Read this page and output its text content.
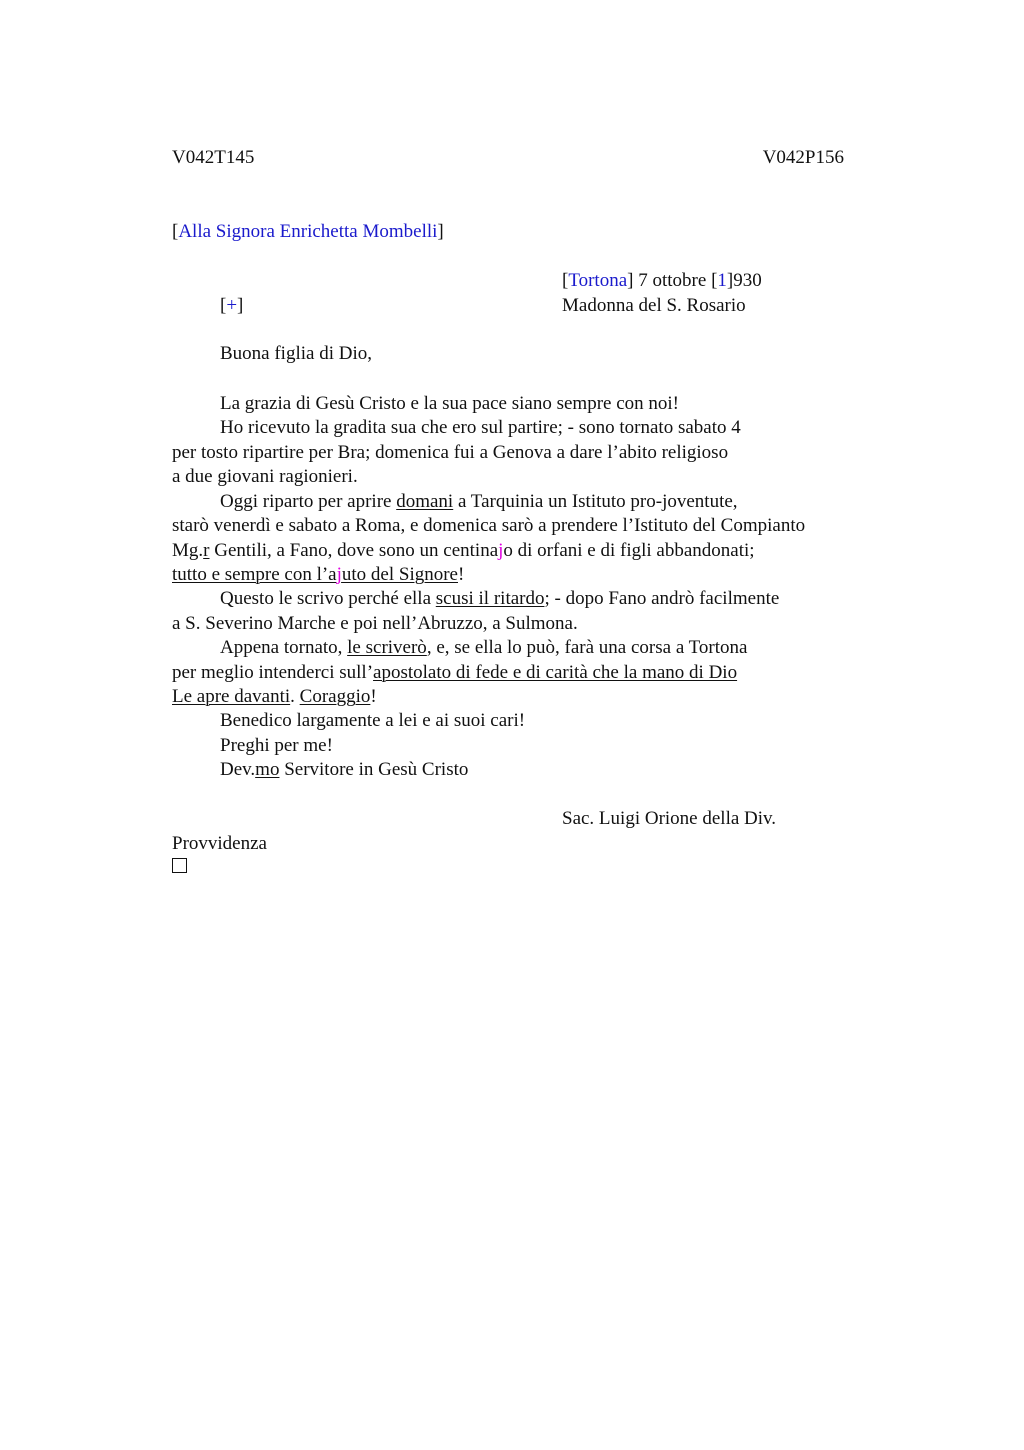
V042T145	V042P156
[Alla Signora Enrichetta Mombelli]
[Tortona] 7 ottobre [1]930
[+]	Madonna del S. Rosario
Buona figlia di Dio,
La grazia di Gesù Cristo e la sua pace siano sempre con noi!
Ho ricevuto la gradita sua che ero sul partire; - sono tornato sabato 4
per tosto ripartire per Bra; domenica fui a Genova a dare l’abito religioso
a due giovani ragionieri.
Oggi riparto per aprire domani a Tarquinia un Istituto pro-joventute,
starò venerdì e sabato a Roma, e domenica sarò a prendere l’Istituto del Compianto
Mg.r Gentili, a Fano, dove sono un centinajo di orfani e di figli abbandonati;
tutto e sempre con l’ajuto del Signore!
Questo le scrivo perché ella scusi il ritardo; - dopo Fano andrò facilmente
a S. Severino Marche e poi nell’Abruzzo, a Sulmona.
Appena tornato, le scriverò, e, se ella lo può, farà una corsa a Tortona
per meglio intenderci sull’apostolato di fede e di carità che la mano di Dio
Le apre davanti. Coraggio!
Benedico largamente a lei e ai suoi cari!
Preghi per me!
Dev.mo Servitore in Gesù Cristo
Sac. Luigi Orione della Div.
Provvidenza
